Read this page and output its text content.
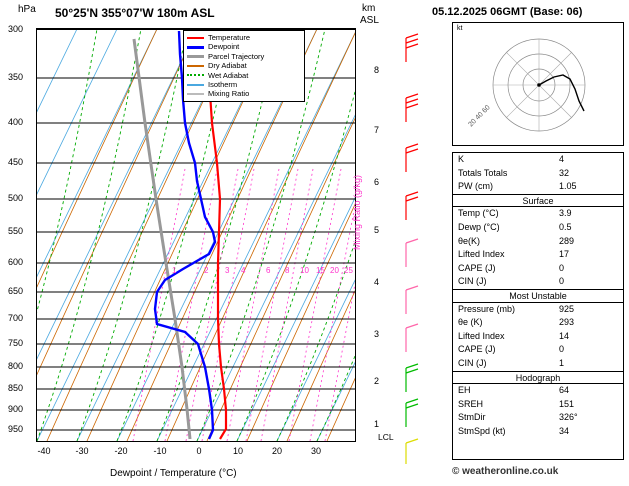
hPa 50°25'N 355°07'W 180m ASL	km
ASL
Temperature
Dewpoint
Parcel Trajectory
Dry Adiabat
Wet Adiabat
Isotherm
Mixing Ratio
300
350
400
450
500
550
600
650
700
750
800
850
900
950
8
7
6
5
4
3
2
1
1	2 3 4	6 8 10 15 20 25
Mixing Ratio (g/kg)
LCL
-40	-30	-20	-10	0	10	20	30
Dewpoint / Temperature (°C)
05.12.2025 06GMT (Base: 06)
kt
20 40 60
K	4
Totals Totals	32
PW (cm)	1.05
Surface
Temp (°C)	3.9
Dewp (°C)	0.5
θe(K)	289
Lifted Index	17
CAPE (J)	0
CIN (J)	0
Most Unstable
Pressure (mb)	925
θe (K)	293
Lifted Index	14
CAPE (J)	0
CIN (J)	1
Hodograph
EH	64
SREH	151
StmDir	326°
StmSpd (kt)	34
© weatheronline.co.uk
